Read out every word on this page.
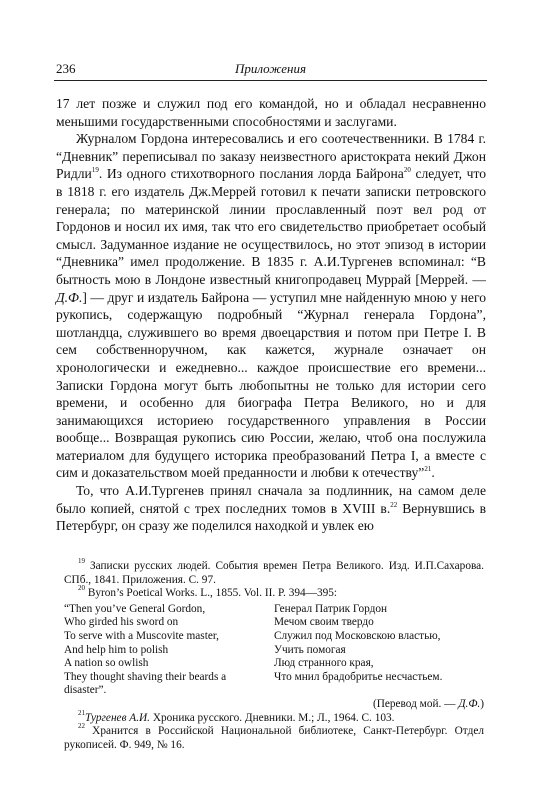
236	Приложения

17 лет позже и служил под его командой, но и обладал несравненно меньшими государственными способностями и заслугами.

Журналом Гордона интересовались и его соотечественники. В 1784 г. “Дневник” переписывал по заказу неизвестного аристократа некий Джон Ридли$^{19}$. Из одного стихотворного послания лорда Байрона$^{20}$ следует, что в 1818 г. его издатель Дж.Меррей готовил к печати записки петровского генерала; по материнской линии прославленный поэт вел род от Гордонов и носил их имя, так что его свидетельство приобретает особый смысл. Задуманное издание не осуществилось, но этот эпизод в истории “Дневника” имел продолжение. В 1835 г. А.И.Тургенев вспоминал: “В бытность мою в Лондоне известный книгопродавец Муррай [Меррей. — Д.Ф.] — друг и издатель Байрона — уступил мне найденную мною у него рукопись, содержащую подробный “Журнал генерала Гордона”, шотландца, служившего во время двоецарствия и потом при Петре I. В сем собственноручном, как кажется, журнале означает он хронологически и ежедневно... каждое происшествие его времени... Записки Гордона могут быть любопытны не только для истории сего времени, и особенно для биографа Петра Великого, но и для занимающихся историею государственного управления в России вообще... Возвращая рукопись сию России, желаю, чтоб она послужила материалом для будущего историка преобразований Петра I, а вместе с сим и доказательством моей преданности и любви к отечеству”$^{21}$.

То, что А.И.Тургенев принял сначала за подлинник, на самом деле было копией, снятой с трех последних томов в XVIII в.$^{22}$ Вернувшись в Петербург, он сразу же поделился находкой и увлек ею

$^{19}$ Записки русских людей. События времен Петра Великого. Изд. И.П.Сахарова. СПб., 1841. Приложения. С. 97.

$^{20}$ Byron’s Poetical Works. L., 1855. Vol. II. P. 394—395:

“Then you’ve General Gordon,
Who girded his sword on
To serve with a Muscovite master,
And help him to polish
A nation so owlish
They thought shaving their beards a
disaster”.
Генерал Патрик Гордон
Мечом своим твердо
Служил под Московскою властью,
Учить помогая
Люд странного края,
Что мнил брадобритье несчастьем.

(Перевод мой. — Д.Ф.)

$^{21}$Тургенев А.И. Хроника русского. Дневники. М.; Л., 1964. С. 103.

$^{22}$ Хранится в Российской Национальной библиотеке, Санкт-Петербург. Отдел рукописей. Ф. 949, № 16.
